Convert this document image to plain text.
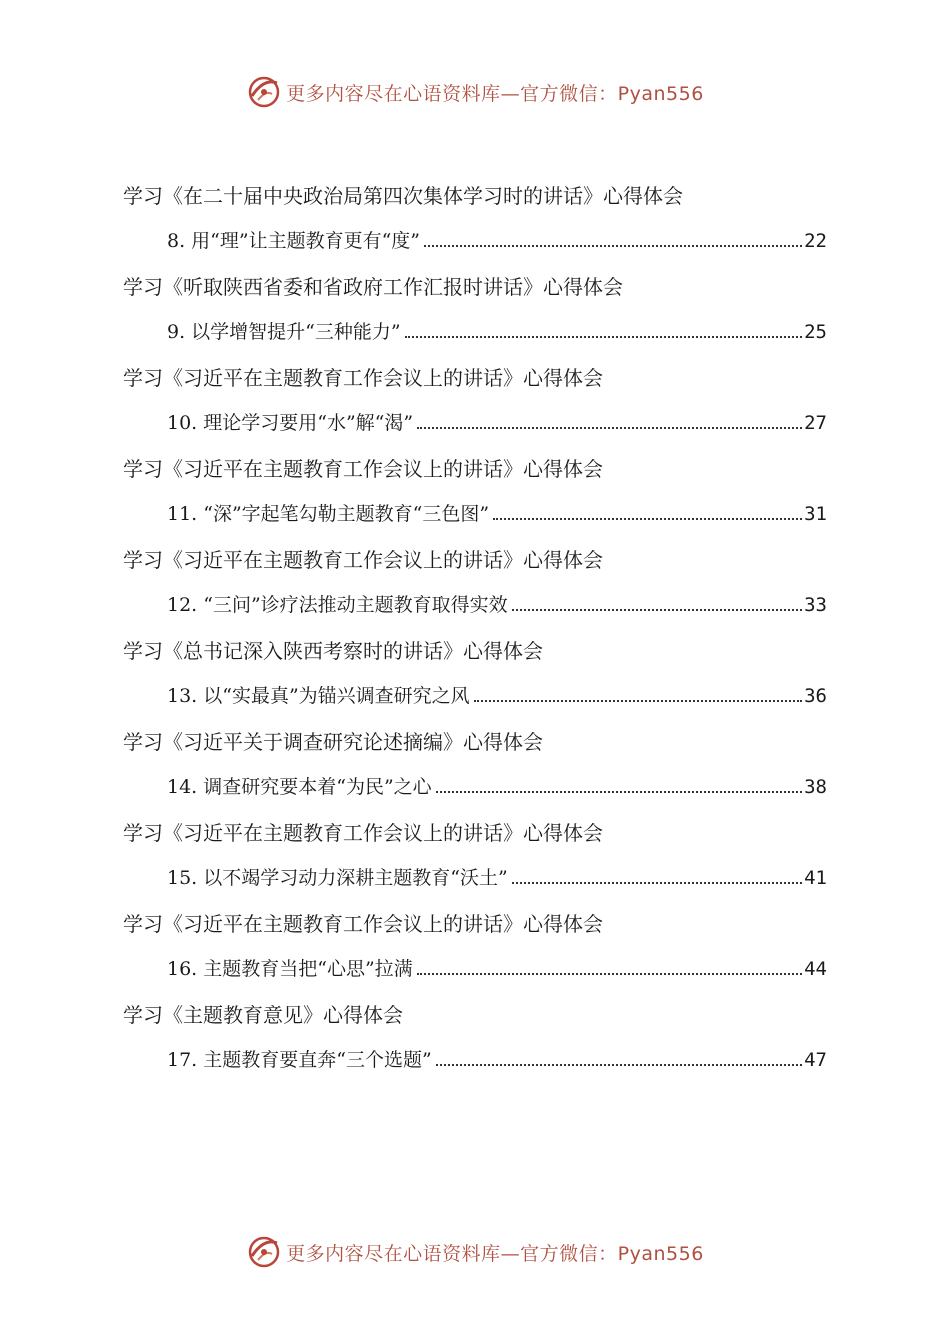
更多内容尽在心语资料库—官方微信：Pyan556
学习《在二十届中央政治局第四次集体学习时的讲话》心得体会
8. 用“理”让主题教育更有“度”	22
学习《听取陕西省委和省政府工作汇报时讲话》心得体会
9. 以学增智提升“三种能力”	25
学习《习近平在主题教育工作会议上的讲话》心得体会
10. 理论学习要用“水”解“渴”	27
学习《习近平在主题教育工作会议上的讲话》心得体会
11. “深”字起笔勾勒主题教育“三色图”	31
学习《习近平在主题教育工作会议上的讲话》心得体会
12. “三问”诊疗法推动主题教育取得实效	33
学习《总书记深入陕西考察时的讲话》心得体会
13. 以“实最真”为锚兴调查研究之风	36
学习《习近平关于调查研究论述摘编》心得体会
14. 调查研究要本着“为民”之心	38
学习《习近平在主题教育工作会议上的讲话》心得体会
15. 以不竭学习动力深耕主题教育“沃土”	41
学习《习近平在主题教育工作会议上的讲话》心得体会
16. 主题教育当把“心思”拉满	44
学习《主题教育意见》心得体会
17. 主题教育要直奔“三个选题”	47
更多内容尽在心语资料库—官方微信：Pyan556
